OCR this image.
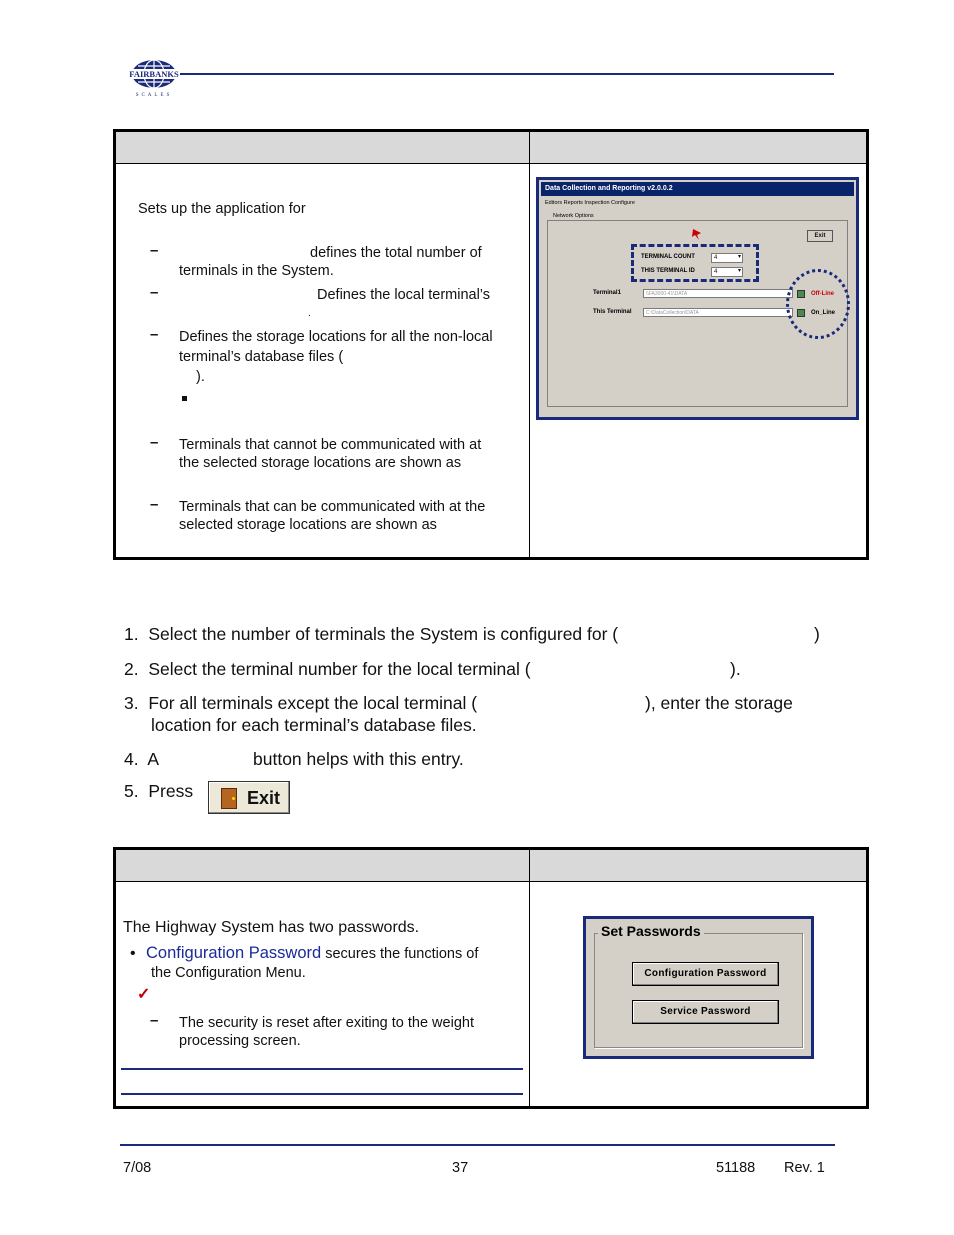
FAIRBANKS
SCALES
Sets up the application for
–	defines the total number of
terminals in the System.
–	Defines the local terminal’s
.
– Defines the storage locations for all the non-local
terminal’s database files (
).
– Terminals that cannot be communicated with at
the selected storage locations are shown as
– Terminals that can be communicated with at the
selected storage locations are shown as
Data Collection and Reporting v2.0.0.2
Editors Reports Inspection Configure
Network Options
Exit
TERMINAL COUNT	4 ▾
THIS TERMINAL ID	4 ▾
Terminal1	\\FA3000-41\DATA	Off-Line
This Terminal	C:\DataCollection\DATA	On_Line
1. Select the number of terminals the System is configured for (	)
2. Select the terminal number for the local terminal (	).
3. For all terminals except the local terminal (	), enter the storage
location for each terminal’s database files.
4. A	button helps with this entry.
5. Press	Exit
The Highway System has two passwords.
• Configuration Password secures the functions of
the Configuration Menu.
✓
– The security is reset after exiting to the weight
processing screen.
Set Passwords
Configuration Password
Service Password
7/08	37	51188 Rev. 1
